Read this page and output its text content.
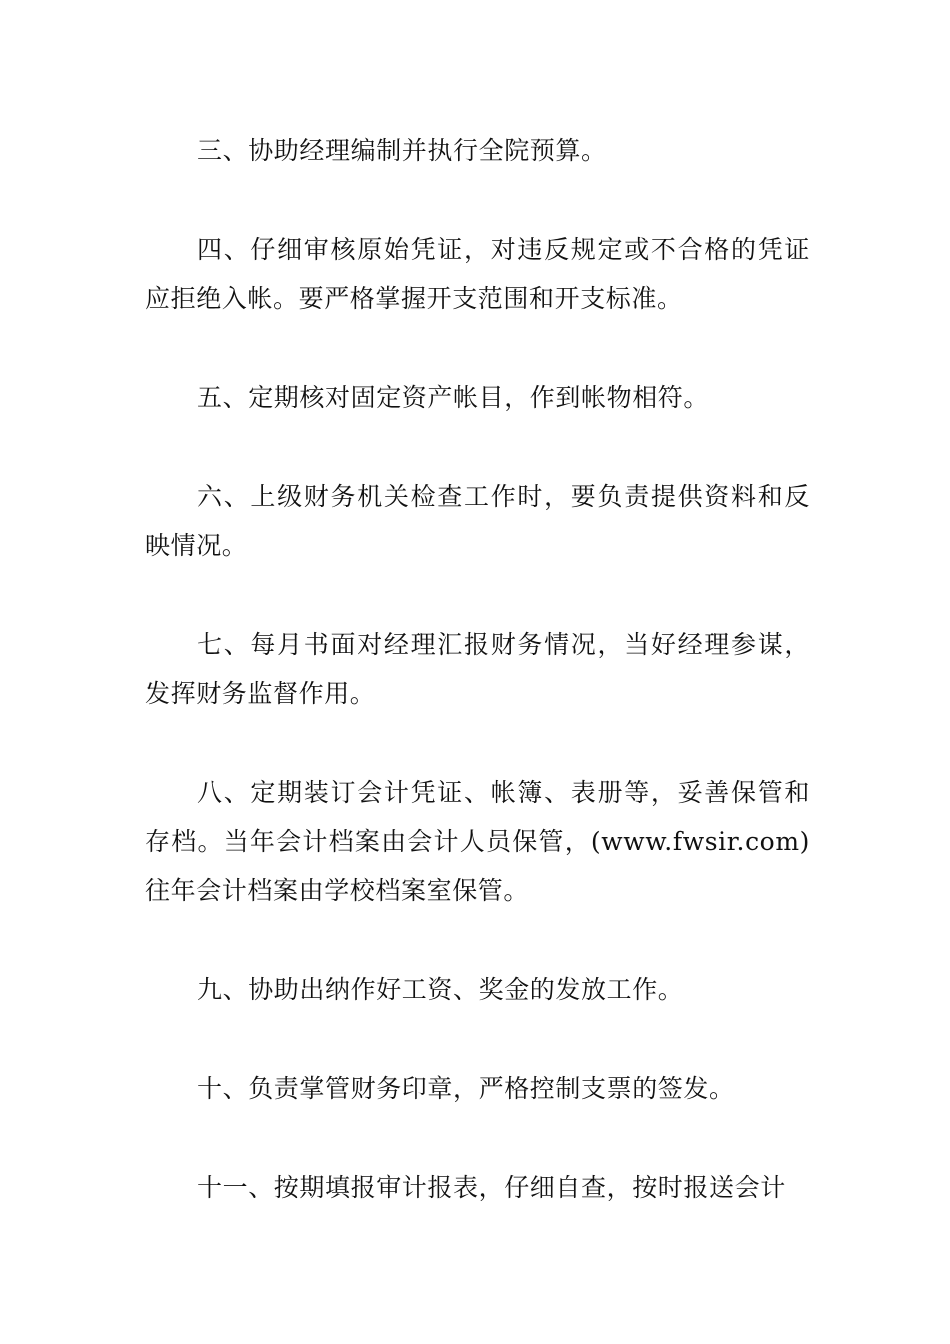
三、协助经理编制并执行全院预算。

四、仔细审核原始凭证，对违反规定或不合格的凭证应拒绝入帐。要严格掌握开支范围和开支标准。

五、定期核对固定资产帐目，作到帐物相符。

六、上级财务机关检查工作时，要负责提供资料和反映情况。

七、每月书面对经理汇报财务情况，当好经理参谋，发挥财务监督作用。

八、定期装订会计凭证、帐簿、表册等，妥善保管和存档。当年会计档案由会计人员保管，(www.fwsir.com)往年会计档案由学校档案室保管。

九、协助出纳作好工资、奖金的发放工作。

十、负责掌管财务印章，严格控制支票的签发。

十一、按期填报审计报表，仔细自查，按时报送会计
